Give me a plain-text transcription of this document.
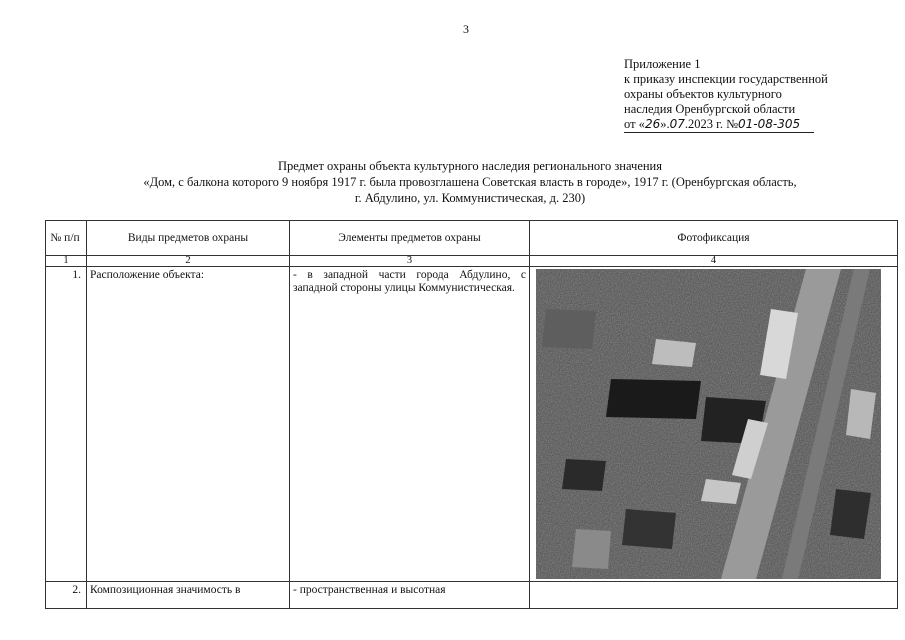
3
Приложение 1
к приказу инспекции государственной
охраны объектов культурного
наследия Оренбургской области
от «26».07.2023 г. №01-08-305
Предмет охраны объекта культурного наследия регионального значения
«Дом, с балкона которого 9 ноября 1917 г. была провозглашена Советская власть в городе», 1917 г. (Оренбургская область,
г. Абдулино, ул. Коммунистическая, д. 230)
№ п/п	Виды предметов охраны	Элементы предметов охраны	Фотофиксация
1	2	3	4
1.	Расположение объекта:	- в западной части города Абдулино, с западной стороны улицы Коммунистическая.	

2.	Композиционная значимость в	- пространственная и высотная	
